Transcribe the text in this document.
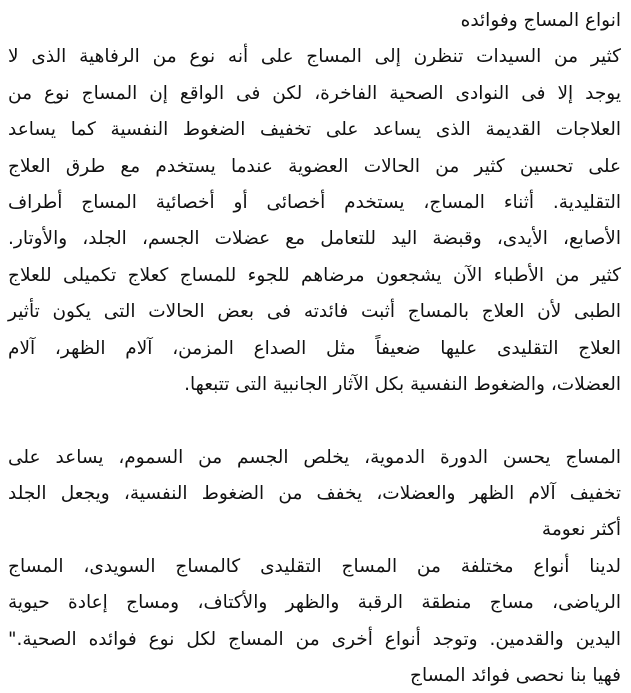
انواع المساج وفوائده
كثير من السيدات تنظرن إلى المساج على أنه نوع من الرفاهية الذى لا
يوجد إلا فى النوادى الصحية الفاخرة، لكن فى الواقع إن المساج نوع من
العلاجات القديمة الذى يساعد على تخفيف الضغوط النفسية كما يساعد
على تحسين كثير من الحالات العضوية عندما يستخدم مع طرق العلاج
التقليدية. أثناء المساج، يستخدم أخصائى أو أخصائية المساج أطراف
الأصابع، الأيدى، وقبضة اليد للتعامل مع عضلات الجسم، الجلد، والأوتار.
كثير من الأطباء الآن يشجعون مرضاهم للجوء للمساج كعلاج تكميلى للعلاج
الطبى لأن العلاج بالمساج أثبت فائدته فى بعض الحالات التى يكون تأثير
العلاج التقليدى عليها ضعيفاً مثل الصداع المزمن، آلام الظهر، آلام
العضلات، والضغوط النفسية بكل الآثار الجانبية التى تتبعها.
المساج يحسن الدورة الدموية، يخلص الجسم من السموم، يساعد على
تخفيف آلام الظهر والعضلات، يخفف من الضغوط النفسية، ويجعل الجلد
أكثر نعومة
لدينا أنواع مختلفة من المساج التقليدى كالمساج السويدى، المساج
الرياضى، مساج منطقة الرقبة والظهر والأكتاف، ومساج إعادة حيوية
اليدين والقدمين. وتوجد أنواع أخرى من المساج لكل نوع فوائده الصحية."
فهيا بنا نحصى فوائد المساج
